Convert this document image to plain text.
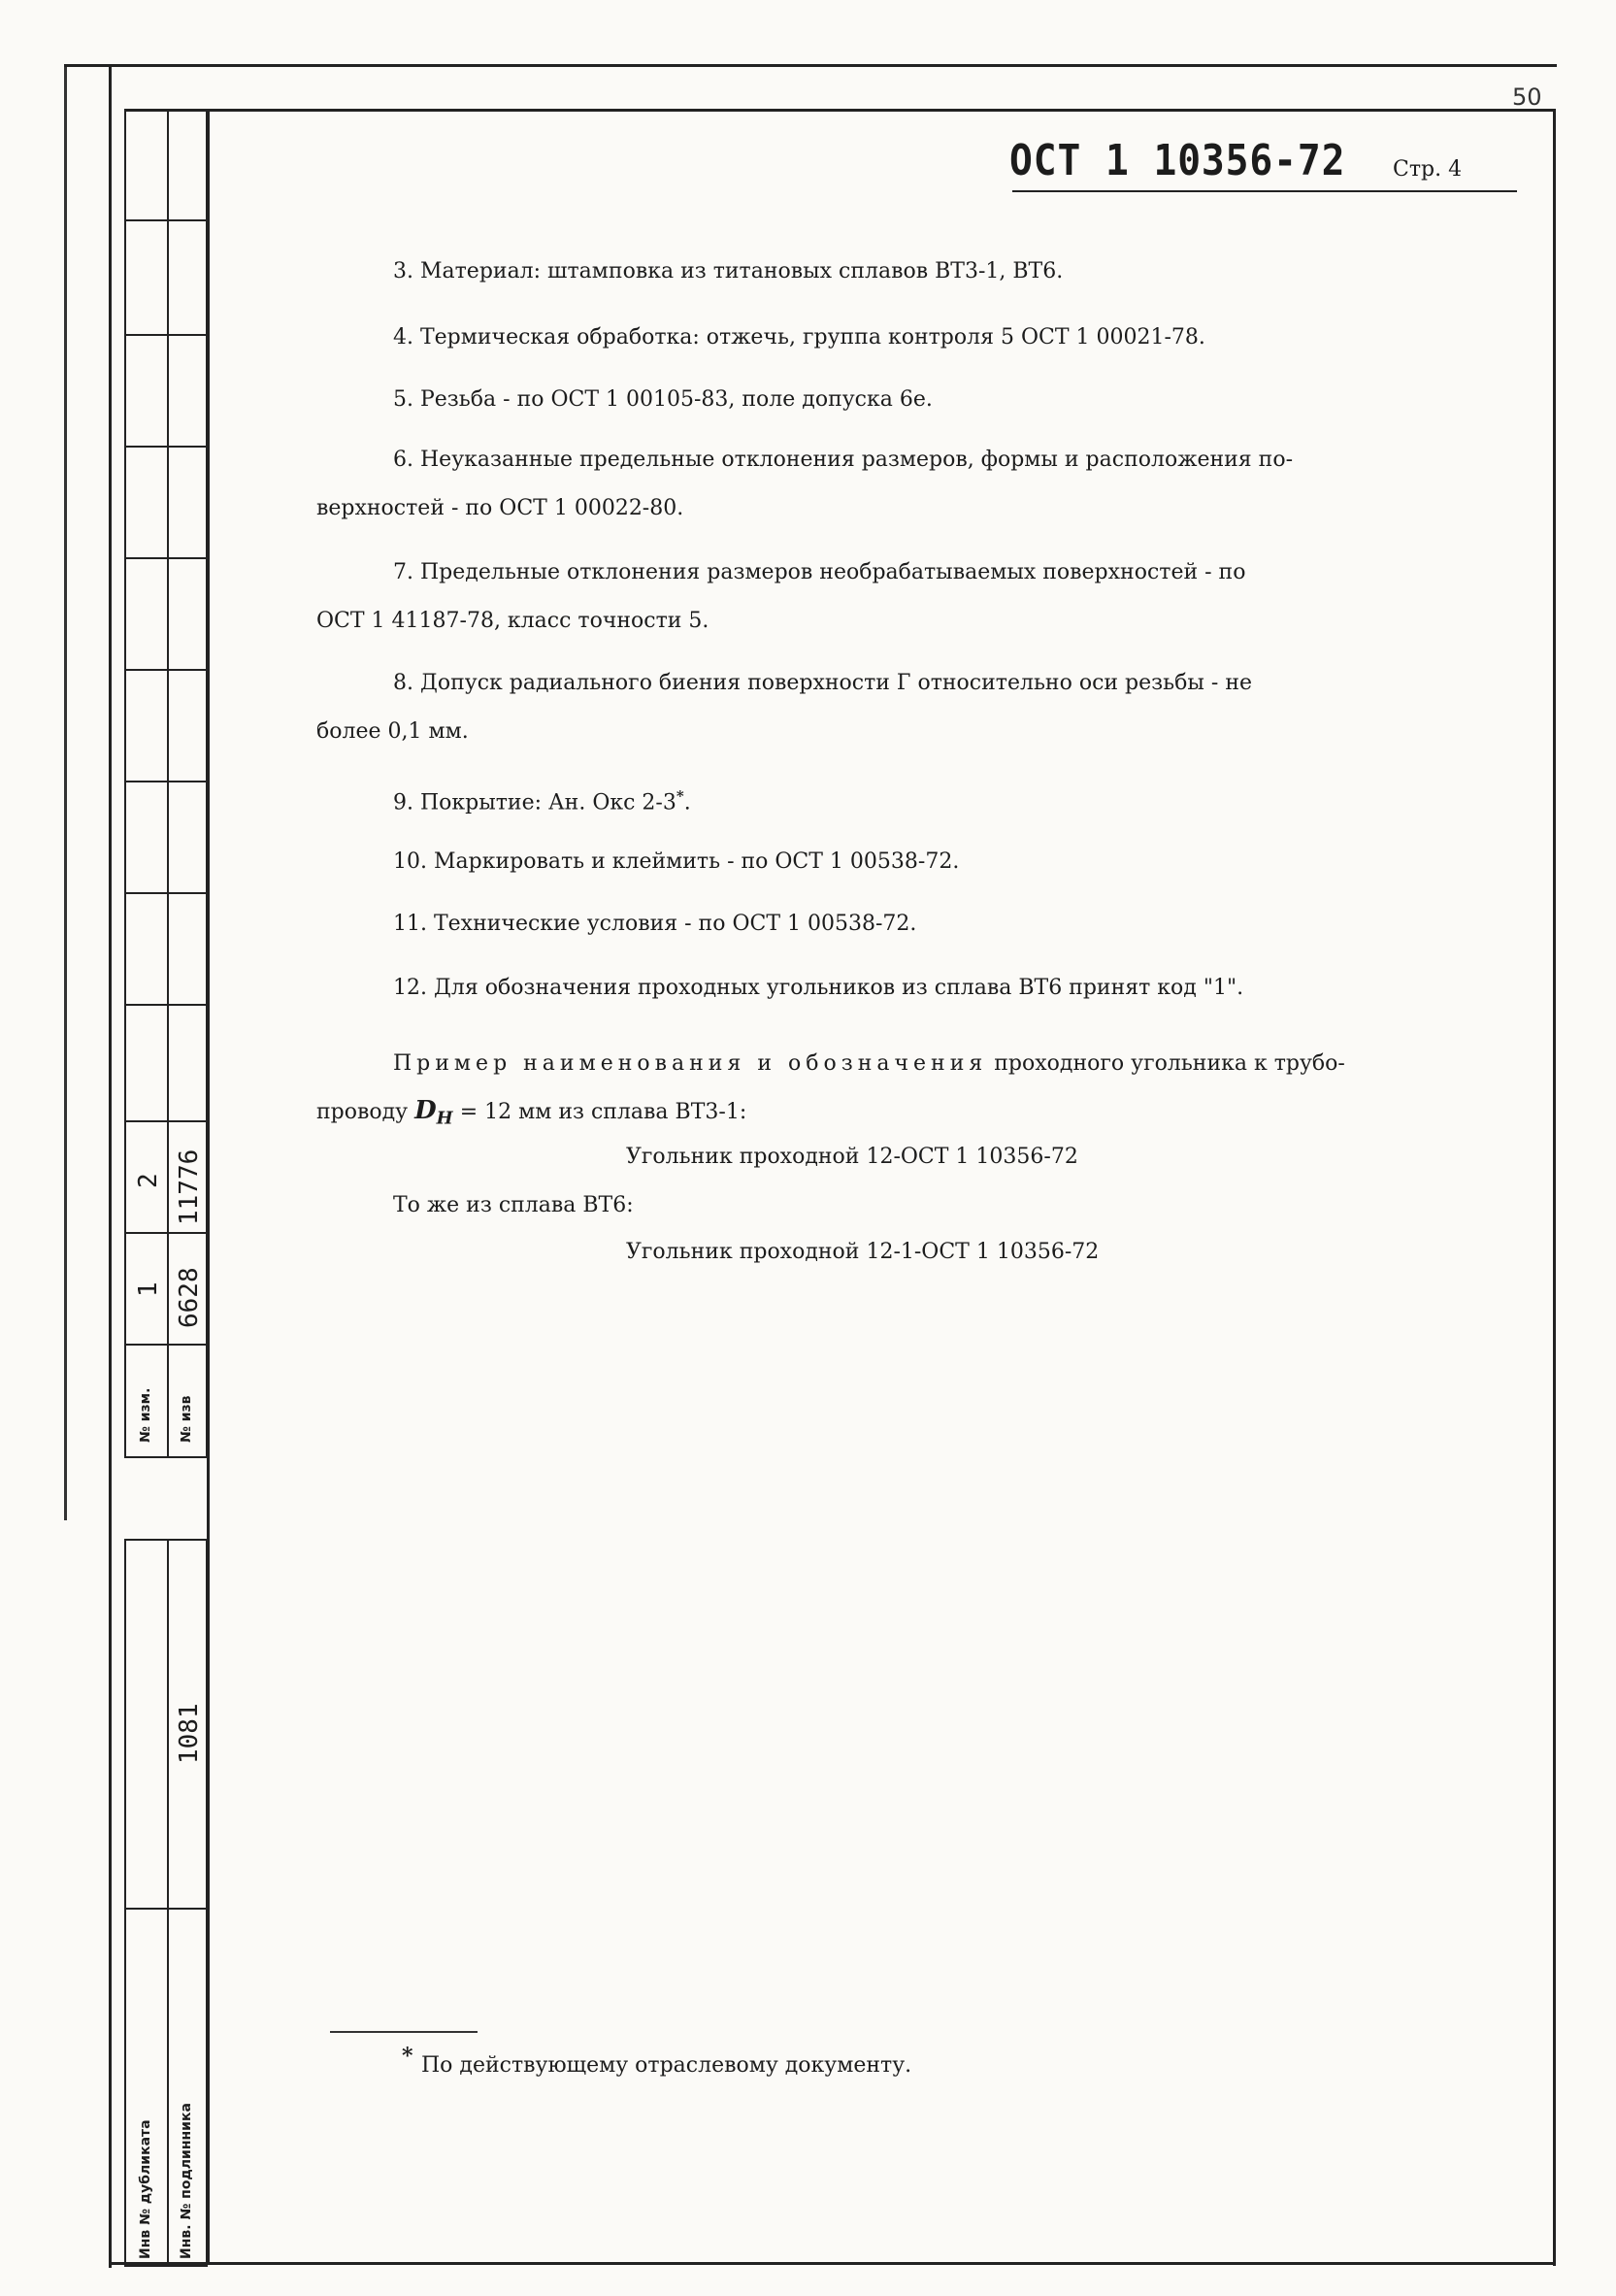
50
2 11776
1 6628
№ изм. № изв
1081
Инв № дубликата Инв. № подлинника
ОСТ 1 10356-72 Стр. 4
3. Материал: штамповка из титановых сплавов ВТ3-1, ВТ6.
4. Термическая обработка: отжечь, группа контроля 5 ОСТ 1 00021-78.
5. Резьба - по ОСТ 1 00105-83, поле допуска 6е.
6. Неуказанные предельные отклонения размеров, формы и расположения по-
верхностей - по ОСТ 1 00022-80.
7. Предельные отклонения размеров необрабатываемых поверхностей - по
ОСТ 1 41187-78, класс точности 5.
8. Допуск радиального биения поверхности Г относительно оси резьбы - не
более 0,1 мм.
9. Покрытие: Ан. Окс 2-3*.
10. Маркировать и клеймить - по ОСТ 1 00538-72.
11. Технические условия - по ОСТ 1 00538-72.
12. Для обозначения проходных угольников из сплава ВТ6 принят код "1".
Пример наименования и обозначения проходного угольника к трубо-
проводу $D_Н = 12$ мм из сплава ВТ3-1:
Угольник проходной 12-ОСТ 1 10356-72
То же из сплава ВТ6:
Угольник проходной 12-1-ОСТ 1 10356-72
* По действующему отраслевому документу.
